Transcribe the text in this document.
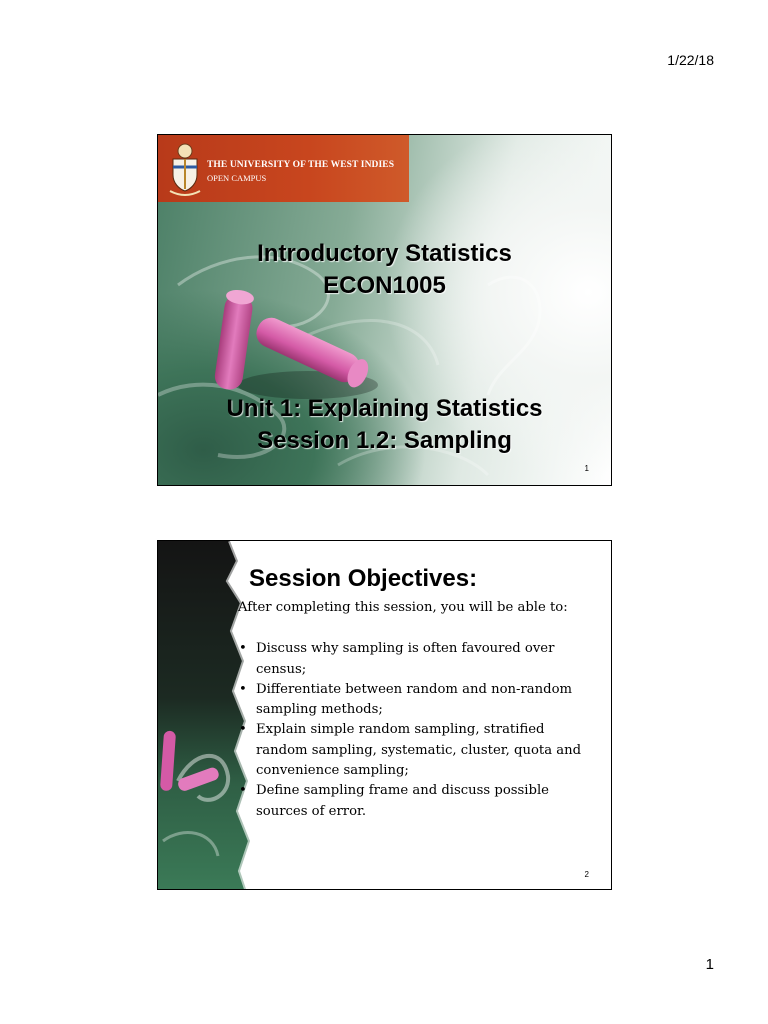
1/22/18
THE UNIVERSITY OF THE WEST INDIES
OPEN CAMPUS
Introductory Statistics
ECON1005
Unit 1: Explaining Statistics
Session 1.2: Sampling
1
Session Objectives:

After completing this session, you will be able to:

• Discuss why sampling is often favoured over census;
• Differentiate between random and non-random sampling methods;
• Explain simple random sampling, stratified random sampling, systematic, cluster, quota and convenience sampling;
• Define sampling frame and discuss possible sources of error.
2
1
